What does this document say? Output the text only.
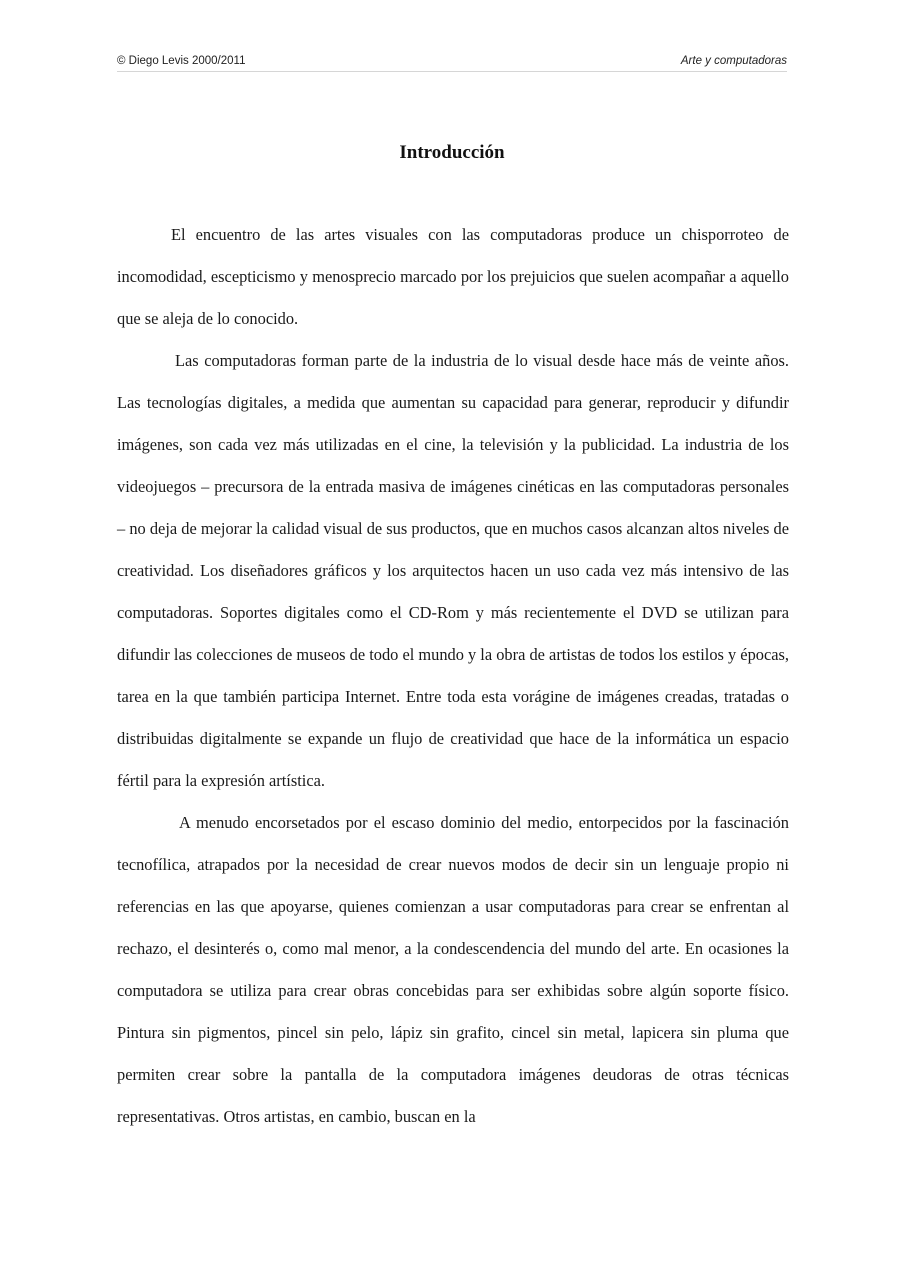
© Diego Levis 2000/2011	Arte y computadoras
Introducción

El encuentro de las artes visuales con las computadoras produce un chisporroteo de incomodidad, escepticismo y menosprecio marcado por los prejuicios que suelen acompañar a aquello que se aleja de lo conocido.

Las computadoras forman parte de la industria de lo visual desde hace más de veinte años. Las tecnologías digitales, a medida que aumentan su capacidad para generar, reproducir y difundir imágenes, son cada vez más utilizadas en el cine, la televisión y la publicidad. La industria de los videojuegos – precursora de la entrada masiva de imágenes cinéticas en las computadoras personales – no deja de mejorar la calidad visual de sus productos, que en muchos casos alcanzan altos niveles de creatividad. Los diseñadores gráficos y los arquitectos hacen un uso cada vez más intensivo de las computadoras. Soportes digitales como el CD-Rom y más recientemente el DVD se utilizan para difundir las colecciones de museos de todo el mundo y la obra de artistas de todos los estilos y épocas, tarea en la que también participa Internet. Entre toda esta vorágine de imágenes creadas, tratadas o distribuidas digitalmente se expande un flujo de creatividad que hace de la informática un espacio fértil para la expresión artística.

A menudo encorsetados por el escaso dominio del medio, entorpecidos por la fascinación tecnofílica, atrapados por la necesidad de crear nuevos modos de decir sin un lenguaje propio ni referencias en las que apoyarse, quienes comienzan a usar computadoras para crear se enfrentan al rechazo, el desinterés o, como mal menor, a la condescendencia del mundo del arte. En ocasiones la computadora se utiliza para crear obras concebidas para ser exhibidas sobre algún soporte físico. Pintura sin pigmentos, pincel sin pelo, lápiz sin grafito, cincel sin metal, lapicera sin pluma que permiten crear sobre la pantalla de la computadora imágenes deudoras de otras técnicas representativas. Otros artistas, en cambio, buscan en la
